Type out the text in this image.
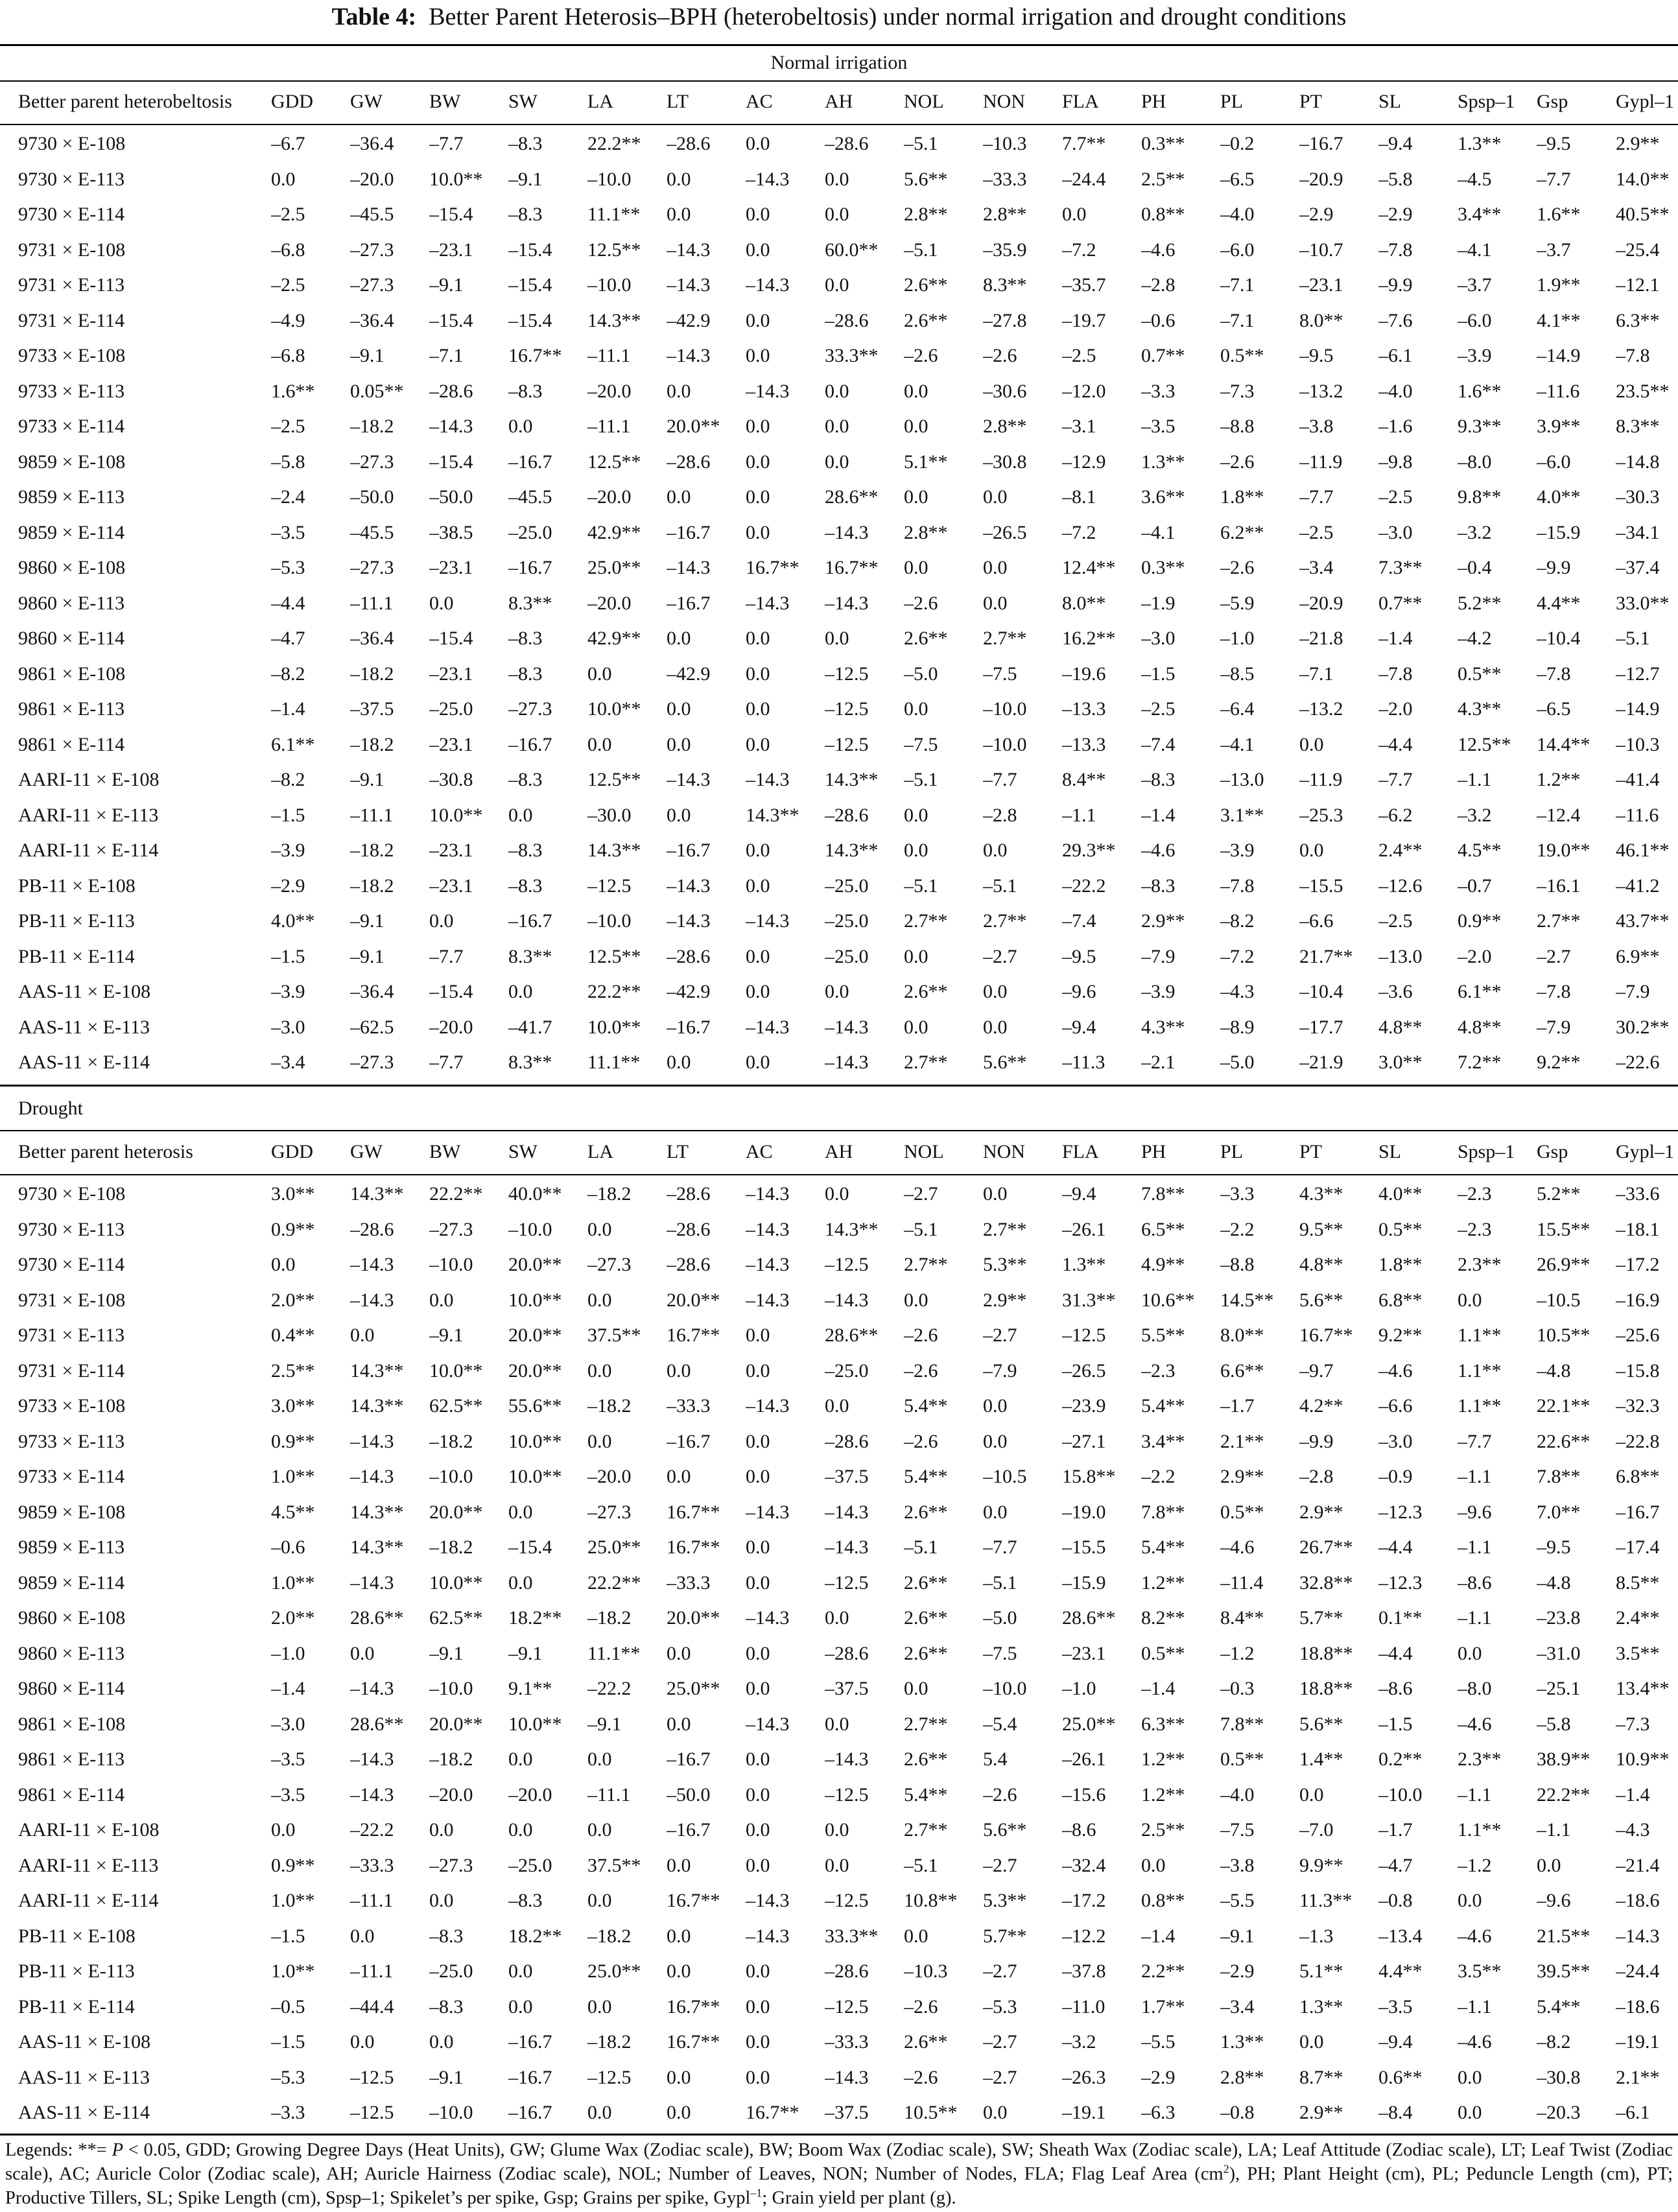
Table 4: Better Parent Heterosis–BPH (heterobeltosis) under normal irrigation and drought conditions
Normal irrigation
Better parent heterobeltosis	GDD	GW	BW	SW	LA	LT	AC	AH	NOL	NON	FLA	PH	PL	PT	SL	Spsp–1	Gsp	Gypl–1
9730 × E-108	–6.7	–36.4	–7.7	–8.3	22.2**	–28.6	0.0	–28.6	–5.1	–10.3	7.7**	0.3**	–0.2	–16.7	–9.4	1.3**	–9.5	2.9**
9730 × E-113	0.0	–20.0	10.0**	–9.1	–10.0	0.0	–14.3	0.0	5.6**	–33.3	–24.4	2.5**	–6.5	–20.9	–5.8	–4.5	–7.7	14.0**
9730 × E-114	–2.5	–45.5	–15.4	–8.3	11.1**	0.0	0.0	0.0	2.8**	2.8**	0.0	0.8**	–4.0	–2.9	–2.9	3.4**	1.6**	40.5**
9731 × E-108	–6.8	–27.3	–23.1	–15.4	12.5**	–14.3	0.0	60.0**	–5.1	–35.9	–7.2	–4.6	–6.0	–10.7	–7.8	–4.1	–3.7	–25.4
9731 × E-113	–2.5	–27.3	–9.1	–15.4	–10.0	–14.3	–14.3	0.0	2.6**	8.3**	–35.7	–2.8	–7.1	–23.1	–9.9	–3.7	1.9**	–12.1
9731 × E-114	–4.9	–36.4	–15.4	–15.4	14.3**	–42.9	0.0	–28.6	2.6**	–27.8	–19.7	–0.6	–7.1	8.0**	–7.6	–6.0	4.1**	6.3**
9733 × E-108	–6.8	–9.1	–7.1	16.7**	–11.1	–14.3	0.0	33.3**	–2.6	–2.6	–2.5	0.7**	0.5**	–9.5	–6.1	–3.9	–14.9	–7.8
9733 × E-113	1.6**	0.05**	–28.6	–8.3	–20.0	0.0	–14.3	0.0	0.0	–30.6	–12.0	–3.3	–7.3	–13.2	–4.0	1.6**	–11.6	23.5**
9733 × E-114	–2.5	–18.2	–14.3	0.0	–11.1	20.0**	0.0	0.0	0.0	2.8**	–3.1	–3.5	–8.8	–3.8	–1.6	9.3**	3.9**	8.3**
9859 × E-108	–5.8	–27.3	–15.4	–16.7	12.5**	–28.6	0.0	0.0	5.1**	–30.8	–12.9	1.3**	–2.6	–11.9	–9.8	–8.0	–6.0	–14.8
9859 × E-113	–2.4	–50.0	–50.0	–45.5	–20.0	0.0	0.0	28.6**	0.0	0.0	–8.1	3.6**	1.8**	–7.7	–2.5	9.8**	4.0**	–30.3
9859 × E-114	–3.5	–45.5	–38.5	–25.0	42.9**	–16.7	0.0	–14.3	2.8**	–26.5	–7.2	–4.1	6.2**	–2.5	–3.0	–3.2	–15.9	–34.1
9860 × E-108	–5.3	–27.3	–23.1	–16.7	25.0**	–14.3	16.7**	16.7**	0.0	0.0	12.4**	0.3**	–2.6	–3.4	7.3**	–0.4	–9.9	–37.4
9860 × E-113	–4.4	–11.1	0.0	8.3**	–20.0	–16.7	–14.3	–14.3	–2.6	0.0	8.0**	–1.9	–5.9	–20.9	0.7**	5.2**	4.4**	33.0**
9860 × E-114	–4.7	–36.4	–15.4	–8.3	42.9**	0.0	0.0	0.0	2.6**	2.7**	16.2**	–3.0	–1.0	–21.8	–1.4	–4.2	–10.4	–5.1
9861 × E-108	–8.2	–18.2	–23.1	–8.3	0.0	–42.9	0.0	–12.5	–5.0	–7.5	–19.6	–1.5	–8.5	–7.1	–7.8	0.5**	–7.8	–12.7
9861 × E-113	–1.4	–37.5	–25.0	–27.3	10.0**	0.0	0.0	–12.5	0.0	–10.0	–13.3	–2.5	–6.4	–13.2	–2.0	4.3**	–6.5	–14.9
9861 × E-114	6.1**	–18.2	–23.1	–16.7	0.0	0.0	0.0	–12.5	–7.5	–10.0	–13.3	–7.4	–4.1	0.0	–4.4	12.5**	14.4**	–10.3
AARI-11 × E-108	–8.2	–9.1	–30.8	–8.3	12.5**	–14.3	–14.3	14.3**	–5.1	–7.7	8.4**	–8.3	–13.0	–11.9	–7.7	–1.1	1.2**	–41.4
AARI-11 × E-113	–1.5	–11.1	10.0**	0.0	–30.0	0.0	14.3**	–28.6	0.0	–2.8	–1.1	–1.4	3.1**	–25.3	–6.2	–3.2	–12.4	–11.6
AARI-11 × E-114	–3.9	–18.2	–23.1	–8.3	14.3**	–16.7	0.0	14.3**	0.0	0.0	29.3**	–4.6	–3.9	0.0	2.4**	4.5**	19.0**	46.1**
PB-11 × E-108	–2.9	–18.2	–23.1	–8.3	–12.5	–14.3	0.0	–25.0	–5.1	–5.1	–22.2	–8.3	–7.8	–15.5	–12.6	–0.7	–16.1	–41.2
PB-11 × E-113	4.0**	–9.1	0.0	–16.7	–10.0	–14.3	–14.3	–25.0	2.7**	2.7**	–7.4	2.9**	–8.2	–6.6	–2.5	0.9**	2.7**	43.7**
PB-11 × E-114	–1.5	–9.1	–7.7	8.3**	12.5**	–28.6	0.0	–25.0	0.0	–2.7	–9.5	–7.9	–7.2	21.7**	–13.0	–2.0	–2.7	6.9**
AAS-11 × E-108	–3.9	–36.4	–15.4	0.0	22.2**	–42.9	0.0	0.0	2.6**	0.0	–9.6	–3.9	–4.3	–10.4	–3.6	6.1**	–7.8	–7.9
AAS-11 × E-113	–3.0	–62.5	–20.0	–41.7	10.0**	–16.7	–14.3	–14.3	0.0	0.0	–9.4	4.3**	–8.9	–17.7	4.8**	4.8**	–7.9	30.2**
AAS-11 × E-114	–3.4	–27.3	–7.7	8.3**	11.1**	0.0	0.0	–14.3	2.7**	5.6**	–11.3	–2.1	–5.0	–21.9	3.0**	7.2**	9.2**	–22.6
Drought
Better parent heterosis	GDD	GW	BW	SW	LA	LT	AC	AH	NOL	NON	FLA	PH	PL	PT	SL	Spsp–1	Gsp	Gypl–1
9730 × E-108	3.0**	14.3**	22.2**	40.0**	–18.2	–28.6	–14.3	0.0	–2.7	0.0	–9.4	7.8**	–3.3	4.3**	4.0**	–2.3	5.2**	–33.6
9730 × E-113	0.9**	–28.6	–27.3	–10.0	0.0	–28.6	–14.3	14.3**	–5.1	2.7**	–26.1	6.5**	–2.2	9.5**	0.5**	–2.3	15.5**	–18.1
9730 × E-114	0.0	–14.3	–10.0	20.0**	–27.3	–28.6	–14.3	–12.5	2.7**	5.3**	1.3**	4.9**	–8.8	4.8**	1.8**	2.3**	26.9**	–17.2
9731 × E-108	2.0**	–14.3	0.0	10.0**	0.0	20.0**	–14.3	–14.3	0.0	2.9**	31.3**	10.6**	14.5**	5.6**	6.8**	0.0	–10.5	–16.9
9731 × E-113	0.4**	0.0	–9.1	20.0**	37.5**	16.7**	0.0	28.6**	–2.6	–2.7	–12.5	5.5**	8.0**	16.7**	9.2**	1.1**	10.5**	–25.6
9731 × E-114	2.5**	14.3**	10.0**	20.0**	0.0	0.0	0.0	–25.0	–2.6	–7.9	–26.5	–2.3	6.6**	–9.7	–4.6	1.1**	–4.8	–15.8
9733 × E-108	3.0**	14.3**	62.5**	55.6**	–18.2	–33.3	–14.3	0.0	5.4**	0.0	–23.9	5.4**	–1.7	4.2**	–6.6	1.1**	22.1**	–32.3
9733 × E-113	0.9**	–14.3	–18.2	10.0**	0.0	–16.7	0.0	–28.6	–2.6	0.0	–27.1	3.4**	2.1**	–9.9	–3.0	–7.7	22.6**	–22.8
9733 × E-114	1.0**	–14.3	–10.0	10.0**	–20.0	0.0	0.0	–37.5	5.4**	–10.5	15.8**	–2.2	2.9**	–2.8	–0.9	–1.1	7.8**	6.8**
9859 × E-108	4.5**	14.3**	20.0**	0.0	–27.3	16.7**	–14.3	–14.3	2.6**	0.0	–19.0	7.8**	0.5**	2.9**	–12.3	–9.6	7.0**	–16.7
9859 × E-113	–0.6	14.3**	–18.2	–15.4	25.0**	16.7**	0.0	–14.3	–5.1	–7.7	–15.5	5.4**	–4.6	26.7**	–4.4	–1.1	–9.5	–17.4
9859 × E-114	1.0**	–14.3	10.0**	0.0	22.2**	–33.3	0.0	–12.5	2.6**	–5.1	–15.9	1.2**	–11.4	32.8**	–12.3	–8.6	–4.8	8.5**
9860 × E-108	2.0**	28.6**	62.5**	18.2**	–18.2	20.0**	–14.3	0.0	2.6**	–5.0	28.6**	8.2**	8.4**	5.7**	0.1**	–1.1	–23.8	2.4**
9860 × E-113	–1.0	0.0	–9.1	–9.1	11.1**	0.0	0.0	–28.6	2.6**	–7.5	–23.1	0.5**	–1.2	18.8**	–4.4	0.0	–31.0	3.5**
9860 × E-114	–1.4	–14.3	–10.0	9.1**	–22.2	25.0**	0.0	–37.5	0.0	–10.0	–1.0	–1.4	–0.3	18.8**	–8.6	–8.0	–25.1	13.4**
9861 × E-108	–3.0	28.6**	20.0**	10.0**	–9.1	0.0	–14.3	0.0	2.7**	–5.4	25.0**	6.3**	7.8**	5.6**	–1.5	–4.6	–5.8	–7.3
9861 × E-113	–3.5	–14.3	–18.2	0.0	0.0	–16.7	0.0	–14.3	2.6**	5.4	–26.1	1.2**	0.5**	1.4**	0.2**	2.3**	38.9**	10.9**
9861 × E-114	–3.5	–14.3	–20.0	–20.0	–11.1	–50.0	0.0	–12.5	5.4**	–2.6	–15.6	1.2**	–4.0	0.0	–10.0	–1.1	22.2**	–1.4
AARI-11 × E-108	0.0	–22.2	0.0	0.0	0.0	–16.7	0.0	0.0	2.7**	5.6**	–8.6	2.5**	–7.5	–7.0	–1.7	1.1**	–1.1	–4.3
AARI-11 × E-113	0.9**	–33.3	–27.3	–25.0	37.5**	0.0	0.0	0.0	–5.1	–2.7	–32.4	0.0	–3.8	9.9**	–4.7	–1.2	0.0	–21.4
AARI-11 × E-114	1.0**	–11.1	0.0	–8.3	0.0	16.7**	–14.3	–12.5	10.8**	5.3**	–17.2	0.8**	–5.5	11.3**	–0.8	0.0	–9.6	–18.6
PB-11 × E-108	–1.5	0.0	–8.3	18.2**	–18.2	0.0	–14.3	33.3**	0.0	5.7**	–12.2	–1.4	–9.1	–1.3	–13.4	–4.6	21.5**	–14.3
PB-11 × E-113	1.0**	–11.1	–25.0	0.0	25.0**	0.0	0.0	–28.6	–10.3	–2.7	–37.8	2.2**	–2.9	5.1**	4.4**	3.5**	39.5**	–24.4
PB-11 × E-114	–0.5	–44.4	–8.3	0.0	0.0	16.7**	0.0	–12.5	–2.6	–5.3	–11.0	1.7**	–3.4	1.3**	–3.5	–1.1	5.4**	–18.6
AAS-11 × E-108	–1.5	0.0	0.0	–16.7	–18.2	16.7**	0.0	–33.3	2.6**	–2.7	–3.2	–5.5	1.3**	0.0	–9.4	–4.6	–8.2	–19.1
AAS-11 × E-113	–5.3	–12.5	–9.1	–16.7	–12.5	0.0	0.0	–14.3	–2.6	–2.7	–26.3	–2.9	2.8**	8.7**	0.6**	0.0	–30.8	2.1**
AAS-11 × E-114	–3.3	–12.5	–10.0	–16.7	0.0	0.0	16.7**	–37.5	10.5**	0.0	–19.1	–6.3	–0.8	2.9**	–8.4	0.0	–20.3	–6.1
Legends: **= P < 0.05, GDD; Growing Degree Days (Heat Units), GW; Glume Wax (Zodiac scale), BW; Boom Wax (Zodiac scale), SW; Sheath Wax (Zodiac scale), LA; Leaf Attitude (Zodiac scale), LT; Leaf Twist (Zodiac scale), AC; Auricle Color (Zodiac scale), AH; Auricle Hairness (Zodiac scale), NOL; Number of Leaves, NON; Number of Nodes, FLA; Flag Leaf Area $(cm^2)$, PH; Plant Height (cm), PL; Peduncle Length (cm), PT; Productive Tillers, SL; Spike Length (cm), Spsp–1; Spikelet’s per spike, Gsp; Grains per spike, Gypl$^{-1}$; Grain yield per plant (g).
